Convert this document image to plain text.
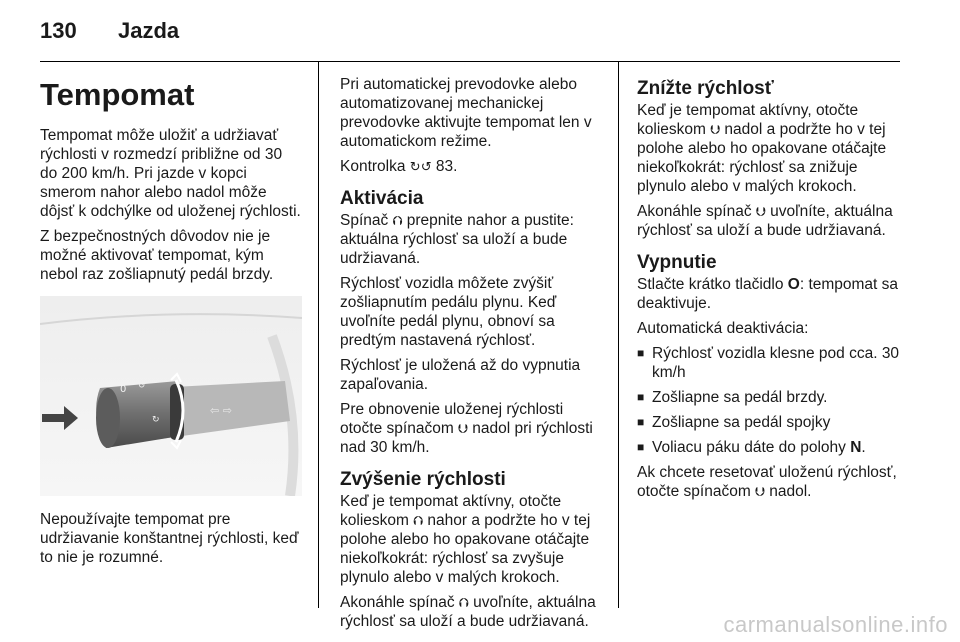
130 Jazda
Tempomat

Tempomat môže uložiť a udržiavať rýchlosti v rozmedzí približne od 30 do 200 km/h. Pri jazde v kopci smerom nahor alebo nadol môže dôjsť k odchýlke od uloženej rýchlosti.

Z bezpečnostných dôvodov nie je možné aktivovať tempomat, kým nebol raz zošliapnutý pedál brzdy.

0 ↺
↻
⇦ ⇨

Nepoužívajte tempomat pre udržiavanie konštantnej rýchlosti, keď to nie je rozumné.

Pri automatickej prevodovke alebo automatizovanej mechanickej prevodovke aktivujte tempomat len v automatickom režime.

Kontrolka ↻↺ 83.

Aktivácia

Spínač ⮉ prepnite nahor a pustite: aktuálna rýchlosť sa uloží a bude udržiavaná.

Rýchlosť vozidla môžete zvýšiť zošliapnutím pedálu plynu. Keď uvoľníte pedál plynu, obnoví sa predtým nastavená rýchlosť.

Rýchlosť je uložená až do vypnutia zapaľovania.

Pre obnovenie uloženej rýchlosti otočte spínačom ⮋ nadol pri rýchlosti nad 30 km/h.

Zvýšenie rýchlosti

Keď je tempomat aktívny, otočte kolieskom ⮉ nahor a podržte ho v tej polohe alebo ho opakovane otáčajte niekoľkokrát: rýchlosť sa zvyšuje plynulo alebo v malých krokoch.

Akonáhle spínač ⮉ uvoľníte, aktuálna rýchlosť sa uloží a bude udržiavaná.

Znížte rýchlosť

Keď je tempomat aktívny, otočte kolieskom ⮋ nadol a podržte ho v tej polohe alebo ho opakovane otáčajte niekoľkokrát: rýchlosť sa znižuje plynulo alebo v malých krokoch.

Akonáhle spínač ⮋ uvoľníte, aktuálna rýchlosť sa uloží a bude udržiavaná.

Vypnutie

Stlačte krátko tlačidlo O: tempomat sa deaktivuje.

Automatická deaktivácia:

■ Rýchlosť vozidla klesne pod cca. 30 km/h
■ Zošliapne sa pedál brzdy.
■ Zošliapne sa pedál spojky
■ Voliacu páku dáte do polohy N.

Ak chcete resetovať uloženú rýchlosť, otočte spínačom ⮋ nadol.

carmanualsonline.info
